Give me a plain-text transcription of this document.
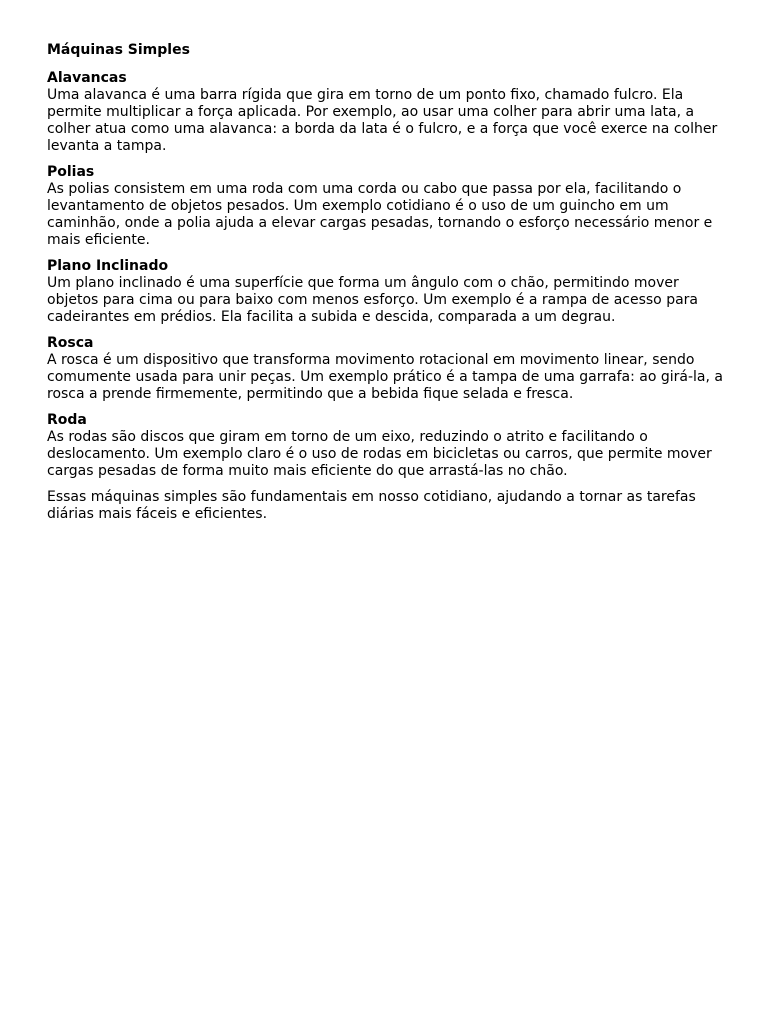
Máquinas Simples

Alavancas

Uma alavanca é uma barra rígida que gira em torno de um ponto fixo, chamado fulcro. Ela permite multiplicar a força aplicada. Por exemplo, ao usar uma colher para abrir uma lata, a colher atua como uma alavanca: a borda da lata é o fulcro, e a força que você exerce na colher levanta a tampa.

Polias

As polias consistem em uma roda com uma corda ou cabo que passa por ela, facilitando o levantamento de objetos pesados. Um exemplo cotidiano é o uso de um guincho em um caminhão, onde a polia ajuda a elevar cargas pesadas, tornando o esforço necessário menor e mais eficiente.

Plano Inclinado

Um plano inclinado é uma superfície que forma um ângulo com o chão, permitindo mover objetos para cima ou para baixo com menos esforço. Um exemplo é a rampa de acesso para cadeirantes em prédios. Ela facilita a subida e descida, comparada a um degrau.

Rosca

A rosca é um dispositivo que transforma movimento rotacional em movimento linear, sendo comumente usada para unir peças. Um exemplo prático é a tampa de uma garrafa: ao girá-la, a rosca a prende firmemente, permitindo que a bebida fique selada e fresca.

Roda

As rodas são discos que giram em torno de um eixo, reduzindo o atrito e facilitando o deslocamento. Um exemplo claro é o uso de rodas em bicicletas ou carros, que permite mover cargas pesadas de forma muito mais eficiente do que arrastá-las no chão.

Essas máquinas simples são fundamentais em nosso cotidiano, ajudando a tornar as tarefas diárias mais fáceis e eficientes.
